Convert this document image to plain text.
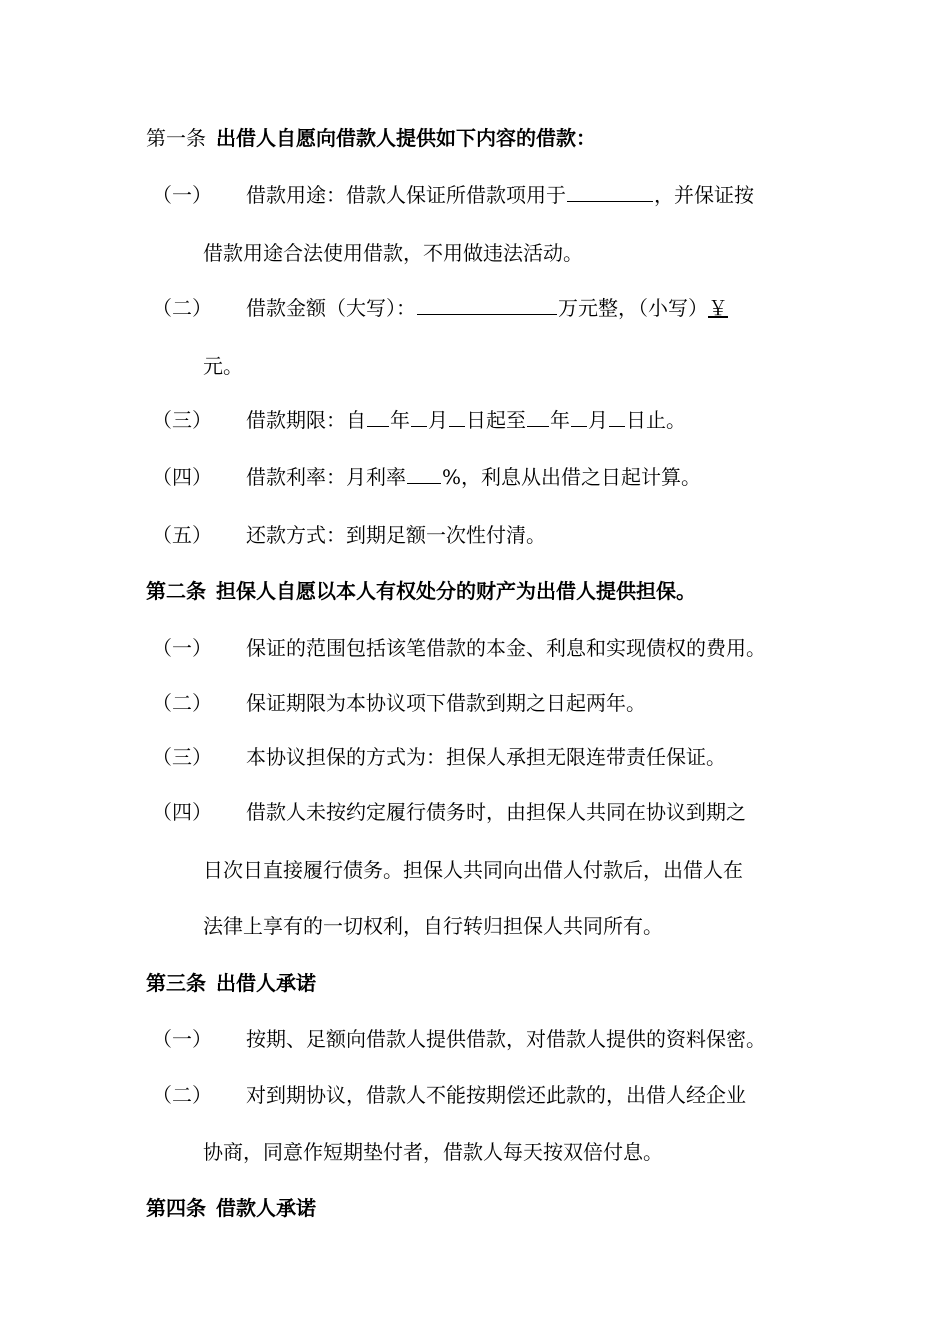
第一条 出借人自愿向借款人提供如下内容的借款：
（一） 借款用途：借款人保证所借款项用于	，并保证按
借款用途合法使用借款，不用做违法活动。
（二） 借款金额（大写）：	万元整，（小写）￥
元。
（三） 借款期限：自 年 月 日起至 年 月 日止。
（四） 借款利率：月利率 %，利息从出借之日起计算。
（五） 还款方式：到期足额一次性付清。
第二条 担保人自愿以本人有权处分的财产为出借人提供担保。
（一） 保证的范围包括该笔借款的本金、利息和实现债权的费用。
（二） 保证期限为本协议项下借款到期之日起两年。
（三） 本协议担保的方式为：担保人承担无限连带责任保证。
（四） 借款人未按约定履行债务时，由担保人共同在协议到期之
日次日直接履行债务。担保人共同向出借人付款后，出借人在
法律上享有的一切权利，自行转归担保人共同所有。
第三条 出借人承诺
（一） 按期、足额向借款人提供借款，对借款人提供的资料保密。
（二） 对到期协议，借款人不能按期偿还此款的，出借人经企业
协商，同意作短期垫付者，借款人每天按双倍付息。
第四条 借款人承诺
